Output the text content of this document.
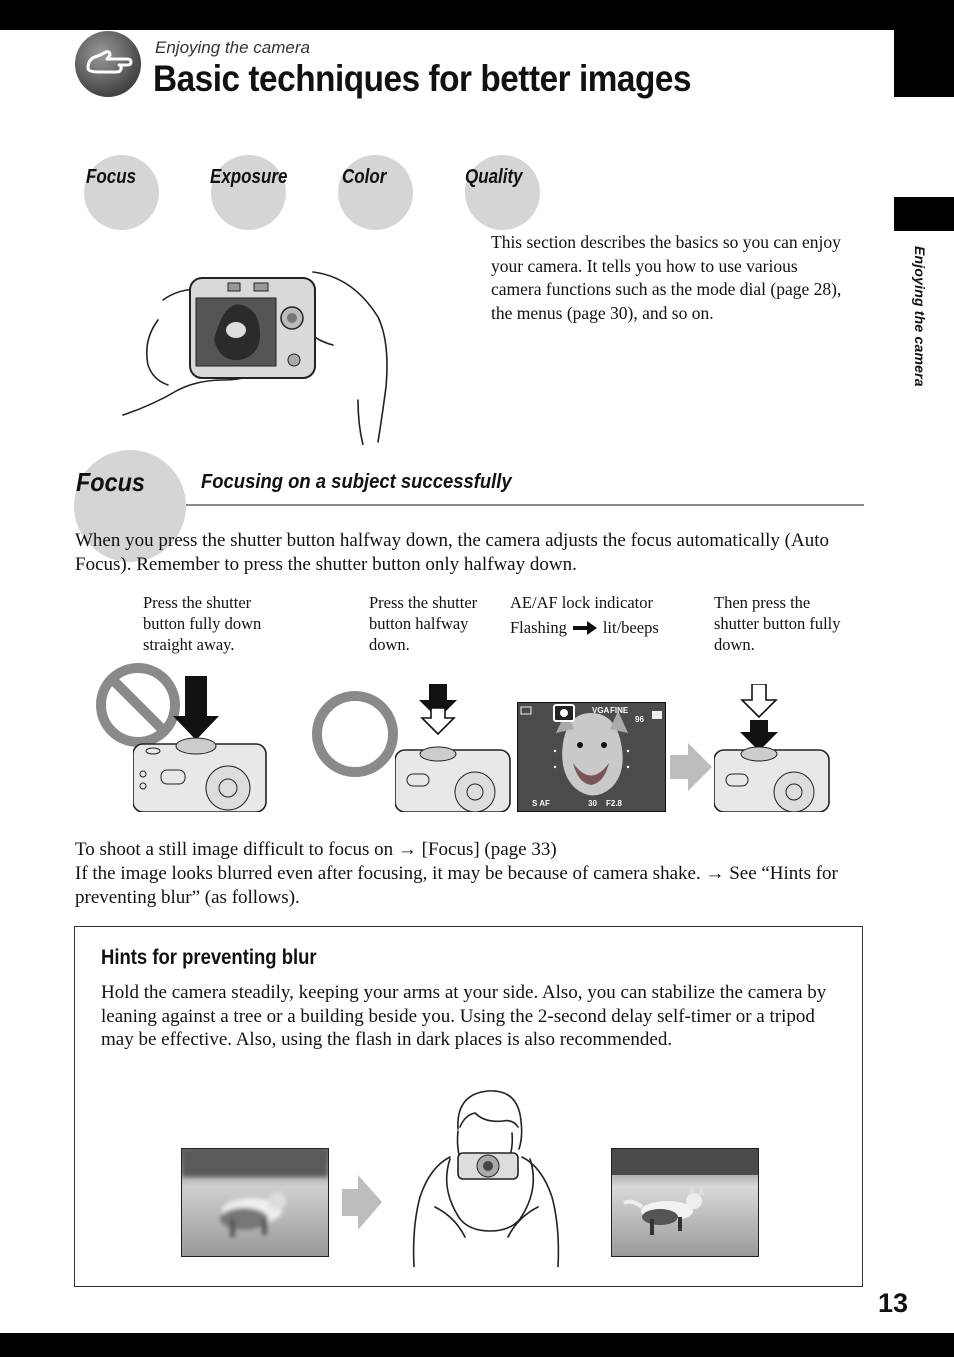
Enjoying the camera
Enjoying the camera
Basic techniques for better images
Focus	Exposure	Color	Quality
This section describes the basics so you can enjoy your camera. It tells you how to use various camera functions such as the mode dial (page 28), the menus (page 30), and so on.
Focus	Focusing on a subject successfully
When you press the shutter button halfway down, the camera adjusts the focus automatically (Auto Focus). Remember to press the shutter button only halfway down.
Press the shutter button fully down straight away.
Press the shutter button halfway down.
AE/AF lock indicator
Flashing lit/beeps
Then press the shutter button fully down.
VGA FINE
96
S AF	30 F2.8
To shoot a still image difficult to focus on → [Focus] (page 33)
If the image looks blurred even after focusing, it may be because of camera shake. → See “Hints for preventing blur” (as follows).
Hints for preventing blur
Hold the camera steadily, keeping your arms at your side. Also, you can stabilize the camera by leaning against a tree or a building beside you. Using the 2-second delay self-timer or a tripod may be effective. Also, using the flash in dark places is also recommended.
13
